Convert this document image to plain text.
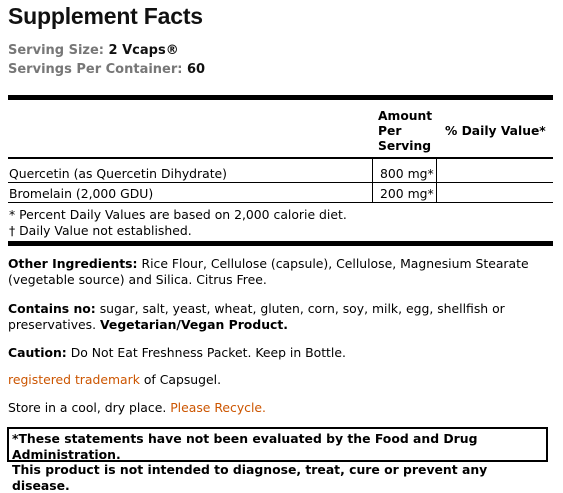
Supplement Facts
Serving Size: 2 Vcaps®
Servings Per Container: 60
Amount
Per
Serving
% Daily Value*
Quercetin (as Quercetin Dihydrate)	800 mg*
Bromelain (2,000 GDU)	200 mg*
* Percent Daily Values are based on 2,000 calorie diet.
† Daily Value not established.
Other Ingredients: Rice Flour, Cellulose (capsule), Cellulose, Magnesium Stearate (vegetable source) and Silica. Citrus Free.
Contains no: sugar, salt, yeast, wheat, gluten, corn, soy, milk, egg, shellfish or preservatives. Vegetarian/Vegan Product.
Caution: Do Not Eat Freshness Packet. Keep in Bottle.
registered trademark of Capsugel.
Store in a cool, dry place. Please Recycle.
*These statements have not been evaluated by the Food and Drug Administration.
This product is not intended to diagnose, treat, cure or prevent any disease.
